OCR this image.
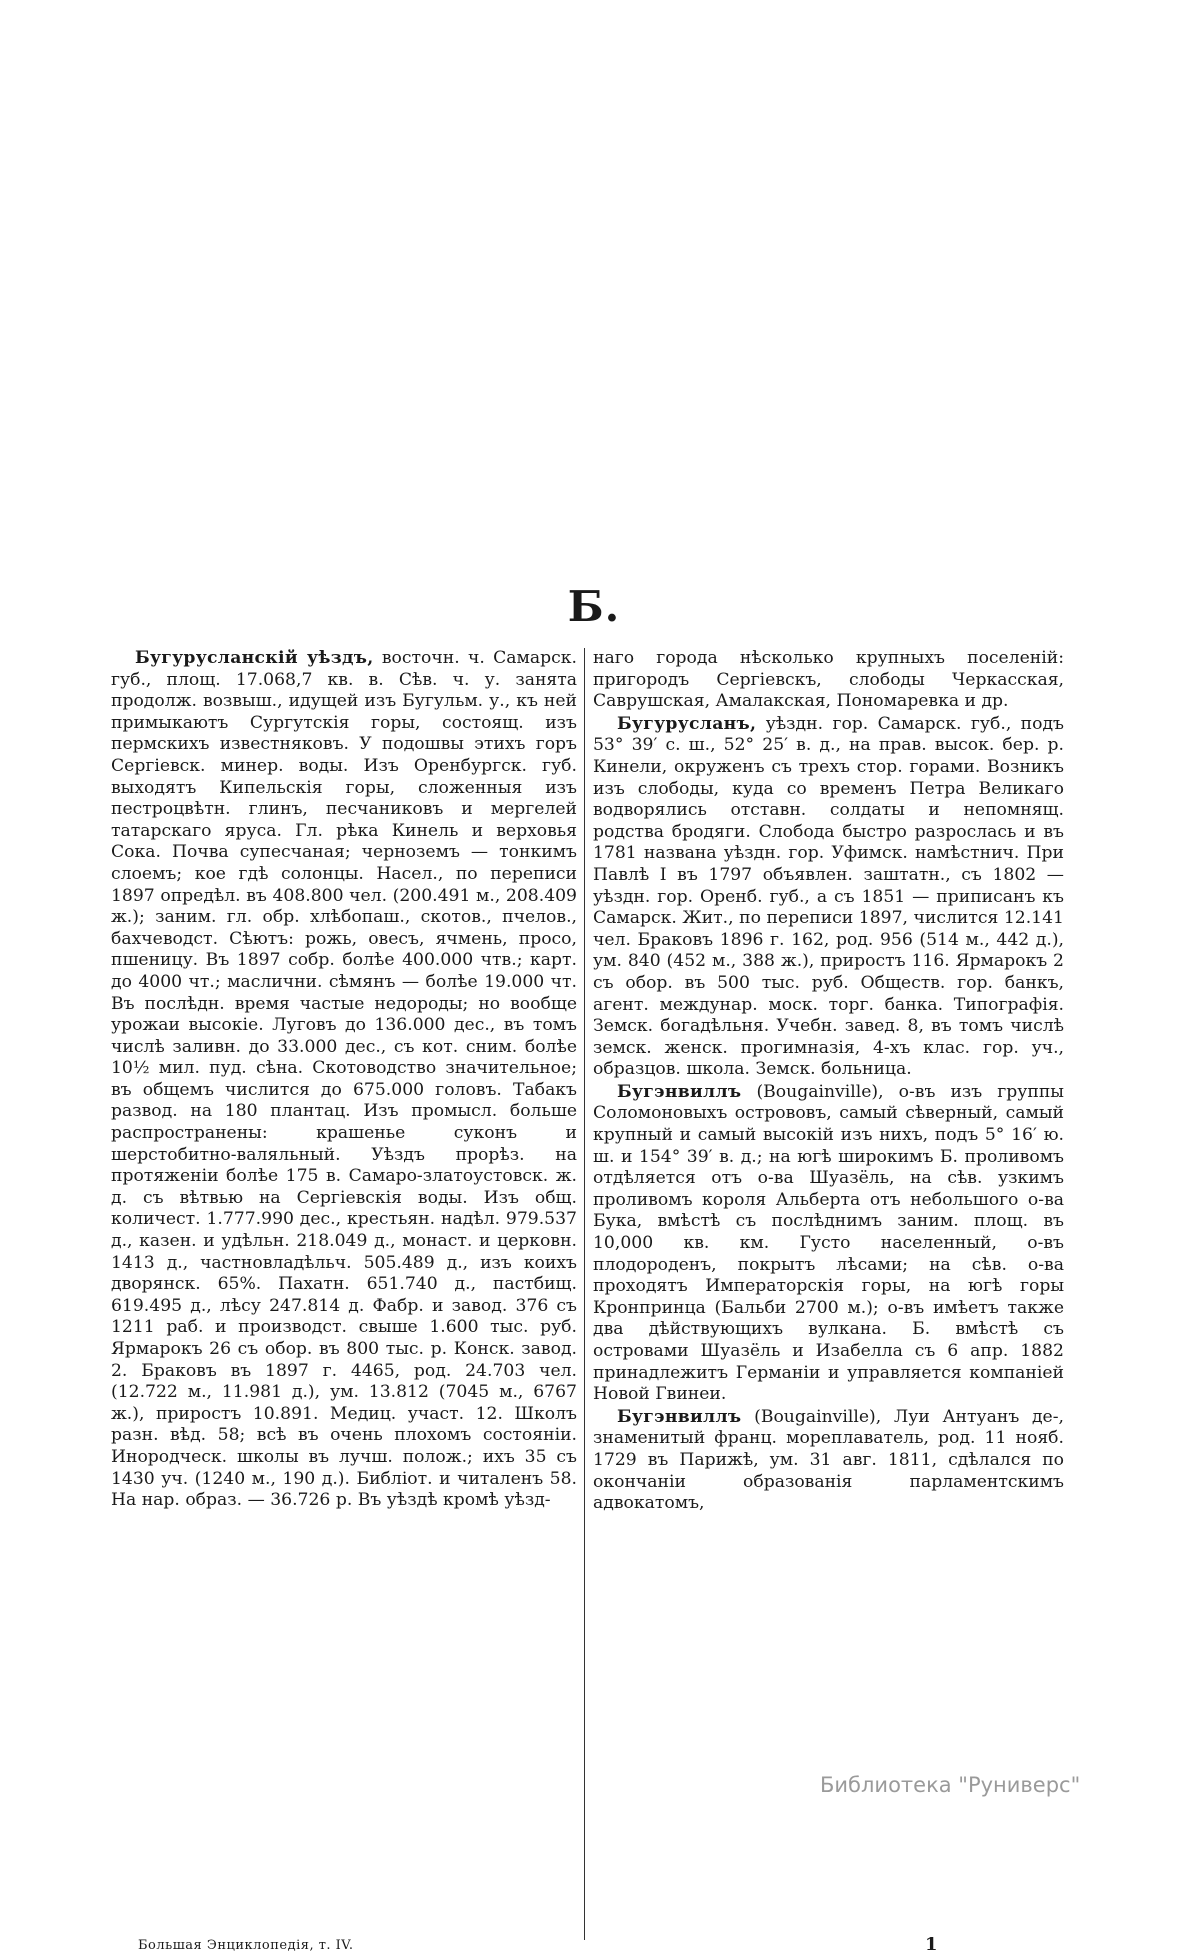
Б.

Бугурусланскій уѣздъ, восточн. ч. Самарск. губ., площ. 17.068,7 кв. в. Сѣв. ч. у. занята продолж. возвыш., идущей изъ Бугульм. у., къ ней примыкаютъ Сургутскія горы, состоящ. изъ пермскихъ известняковъ. У подошвы этихъ горъ Сергіевск. минер. воды. Изъ Оренбургск. губ. выходятъ Кипельскія горы, сложенныя изъ пестроцвѣтн. глинъ, песчаниковъ и мергелей татарскаго яруса. Гл. рѣка Кинель и верховья Сока. Почва супесчаная; черноземъ — тонкимъ слоемъ; кое гдѣ солонцы. Насел., по переписи 1897 опредѣл. въ 408.800 чел. (200.491 м., 208.409 ж.); заним. гл. обр. хлѣбопаш., скотов., пчелов., бахчеводст. Сѣютъ: рожь, овесъ, ячмень, просо, пшеницу. Въ 1897 собр. болѣе 400.000 чтв.; карт. до 4000 чт.; маслични. сѣмянъ — болѣе 19.000 чт. Въ послѣдн. время частые недороды; но вообще урожаи высокіе. Луговъ до 136.000 дес., въ томъ числѣ заливн. до 33.000 дес., съ кот. сним. болѣе 10½ мил. пуд. сѣна. Скотоводство значительное; въ общемъ числится до 675.000 головъ. Табакъ развод. на 180 плантац. Изъ промысл. больше распространены: крашенье суконъ и шерстобитно-валяльный. Уѣздъ прорѣз. на протяженіи болѣе 175 в. Самаро-златоустовск. ж. д. съ вѣтвью на Сергіевскія воды. Изъ общ. количест. 1.777.990 дес., крестьян. надѣл. 979.537 д., казен. и удѣльн. 218.049 д., монаст. и церковн. 1413 д., частновладѣльч. 505.489 д., изъ коихъ дворянск. 65%. Пахатн. 651.740 д., пастбищ. 619.495 д., лѣсу 247.814 д. Фабр. и завод. 376 съ 1211 раб. и производст. свыше 1.600 тыс. руб. Ярмарокъ 26 съ обор. въ 800 тыс. р. Конск. завод. 2. Браковъ въ 1897 г. 4465, род. 24.703 чел. (12.722 м., 11.981 д.), ум. 13.812 (7045 м., 6767 ж.), приростъ 10.891. Медиц. участ. 12. Школъ разн. вѣд. 58; всѣ въ очень плохомъ состояніи. Инородческ. школы въ лучш. полож.; ихъ 35 съ 1430 уч. (1240 м., 190 д.). Библіот. и читаленъ 58. На нар. образ. — 36.726 р. Въ уѣздѣ кромѣ уѣзд-

наго города нѣсколько крупныхъ поселеній: пригородъ Сергіевскъ, слободы Черкасская, Саврушская, Амалакская, Пономаревка и др.

Бугурусланъ, уѣздн. гор. Самарск. губ., подъ 53° 39′ с. ш., 52° 25′ в. д., на прав. высок. бер. р. Кинели, окруженъ съ трехъ стор. горами. Возникъ изъ слободы, куда со временъ Петра Великаго водворялись отставн. солдаты и непомнящ. родства бродяги. Слобода быстро разрослась и въ 1781 названа уѣздн. гор. Уфимск. намѣстнич. При Павлѣ I въ 1797 объявлен. заштатн., съ 1802 — уѣздн. гор. Оренб. губ., а съ 1851 — приписанъ къ Самарск. Жит., по переписи 1897, числится 12.141 чел. Браковъ 1896 г. 162, род. 956 (514 м., 442 д.), ум. 840 (452 м., 388 ж.), приростъ 116. Ярмарокъ 2 съ обор. въ 500 тыс. руб. Обществ. гор. банкъ, агент. междунар. моск. торг. банка. Типографія. Земск. богадѣльня. Учебн. завед. 8, въ томъ числѣ земск. женск. прогимназія, 4-хъ клас. гор. уч., образцов. школа. Земск. больница.

Бугэнвиллъ (Bougainville), о-въ изъ группы Соломоновыхъ острововъ, самый сѣверный, самый крупный и самый высокій изъ нихъ, подъ 5° 16′ ю. ш. и 154° 39′ в. д.; на югѣ широкимъ Б. проливомъ отдѣляется отъ о-ва Шуазёль, на сѣв. узкимъ проливомъ короля Альберта отъ небольшого о-ва Бука, вмѣстѣ съ послѣднимъ заним. площ. въ 10,000 кв. км. Густо населенный, о-въ плодороденъ, покрытъ лѣсами; на сѣв. о-ва проходятъ Императорскія горы, на югѣ горы Кронпринца (Бальби 2700 м.); о-въ имѣетъ также два дѣйствующихъ вулкана. Б. вмѣстѣ съ островами Шуазёль и Изабелла съ 6 апр. 1882 принадлежитъ Германіи и управляется компаніей Новой Гвинеи.

Бугэнвиллъ (Bougainville), Луи Антуанъ де-, знаменитый франц. мореплаватель, род. 11 нояб. 1729 въ Парижѣ, ум. 31 авг. 1811, сдѣлался по окончаніи образованія парламентскимъ адвокатомъ,

Большая Энциклопедія, т. IV.	1
Библиотека "Руниверс"
